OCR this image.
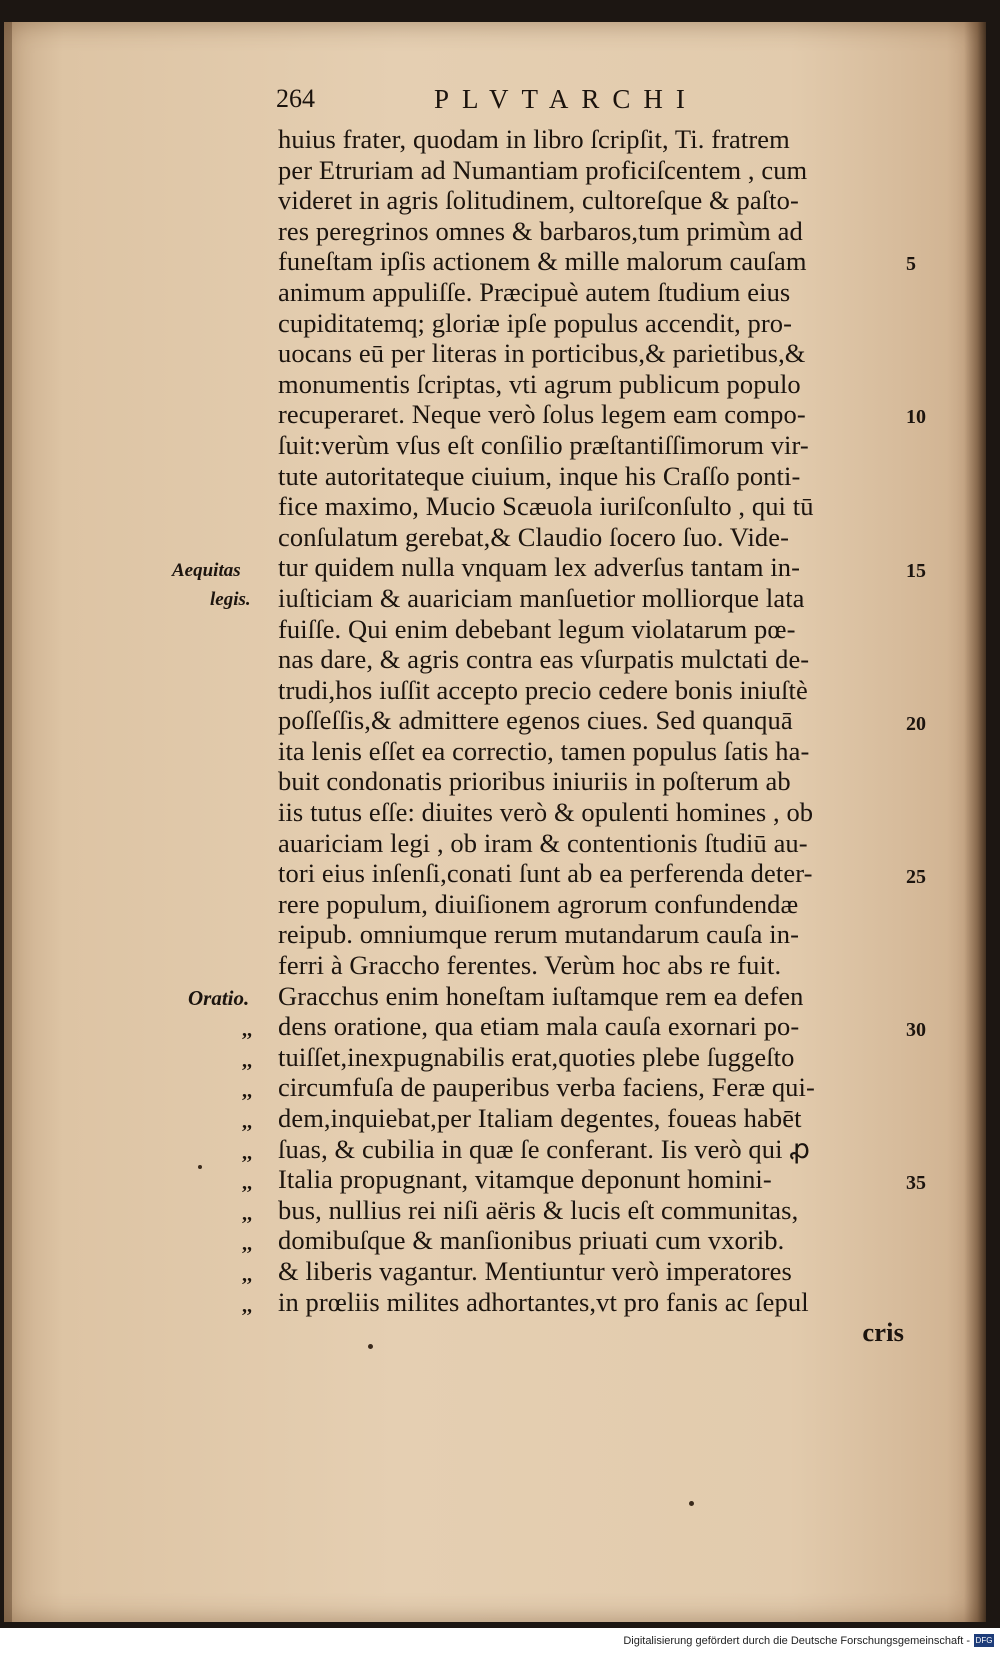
264	PLVTARCHI
huius frater, quodam in libro ſcripſit, Ti. fratrem
per Etruriam ad Numantiam proficiſcentem , cum
videret in agris ſolitudinem, cultoreſque & paſto-
res peregrinos omnes & barbaros,tum primùm ad
funeſtam ipſis actionem & mille malorum cauſam
animum appuliſſe. Præcipuè autem ſtudium eius
cupiditatemq; gloriæ ipſe populus accendit, pro-
uocans eū per literas in porticibus,& parietibus,&
monumentis ſcriptas, vti agrum publicum populo
recuperaret. Neque verò ſolus legem eam compo-
ſuit:verùm vſus eſt conſilio præſtantiſſimorum vir-
tute autoritateque ciuium, inque his Craſſo ponti-
fice maximo, Mucio Scæuola iuriſconſulto , qui tū
conſulatum gerebat,& Claudio ſocero ſuo. Vide-
tur quidem nulla vnquam lex adverſus tantam in-
iuſticiam & auariciam manſuetior molliorque lata
fuiſſe. Qui enim debebant legum violatarum pœ-
nas dare, & agris contra eas vſurpatis mulctati de-
trudi,hos iuſſit accepto precio cedere bonis iniuſtè
poſſeſſis,& admittere egenos ciues. Sed quanquā
ita lenis eſſet ea correctio, tamen populus ſatis ha-
buit condonatis prioribus iniuriis in poſterum ab
iis tutus eſſe: diuites verò & opulenti homines , ob
auariciam legi , ob iram & contentionis ſtudiū au-
tori eius inſenſi,conati ſunt ab ea perferenda deter-
rere populum, diuiſionem agrorum confundendæ
reipub. omniumque rerum mutandarum cauſa in-
ferri à Graccho ferentes. Verùm hoc abs re fuit.
Gracchus enim honeſtam iuſtamque rem ea defen
dens oratione, qua etiam mala cauſa exornari po-
tuiſſet,inexpugnabilis erat,quoties plebe ſuggeſto
circumfuſa de pauperibus verba faciens, Feræ qui-
dem,inquiebat,per Italiam degentes, foueas habēt
ſuas, & cubilia in quæ ſe conferant. Iis verò qui ꝓ
Italia propugnant, vitamque deponunt homini-
bus, nullius rei niſi aëris & lucis eſt communitas,
domibuſque & manſionibus priuati cum vxorib.
& liberis vagantur. Mentiuntur verò imperatores
in prœliis milites adhortantes,vt pro fanis ac ſepul
cris
5
10
15
20
25
30
35
Aequitas
legis.
Oratio.
,,
,,
,,
,,
,,
,,
,,
,,
,,
,,
Digitalisierung gefördert durch die Deutsche Forschungsgemeinschaft - DFG
